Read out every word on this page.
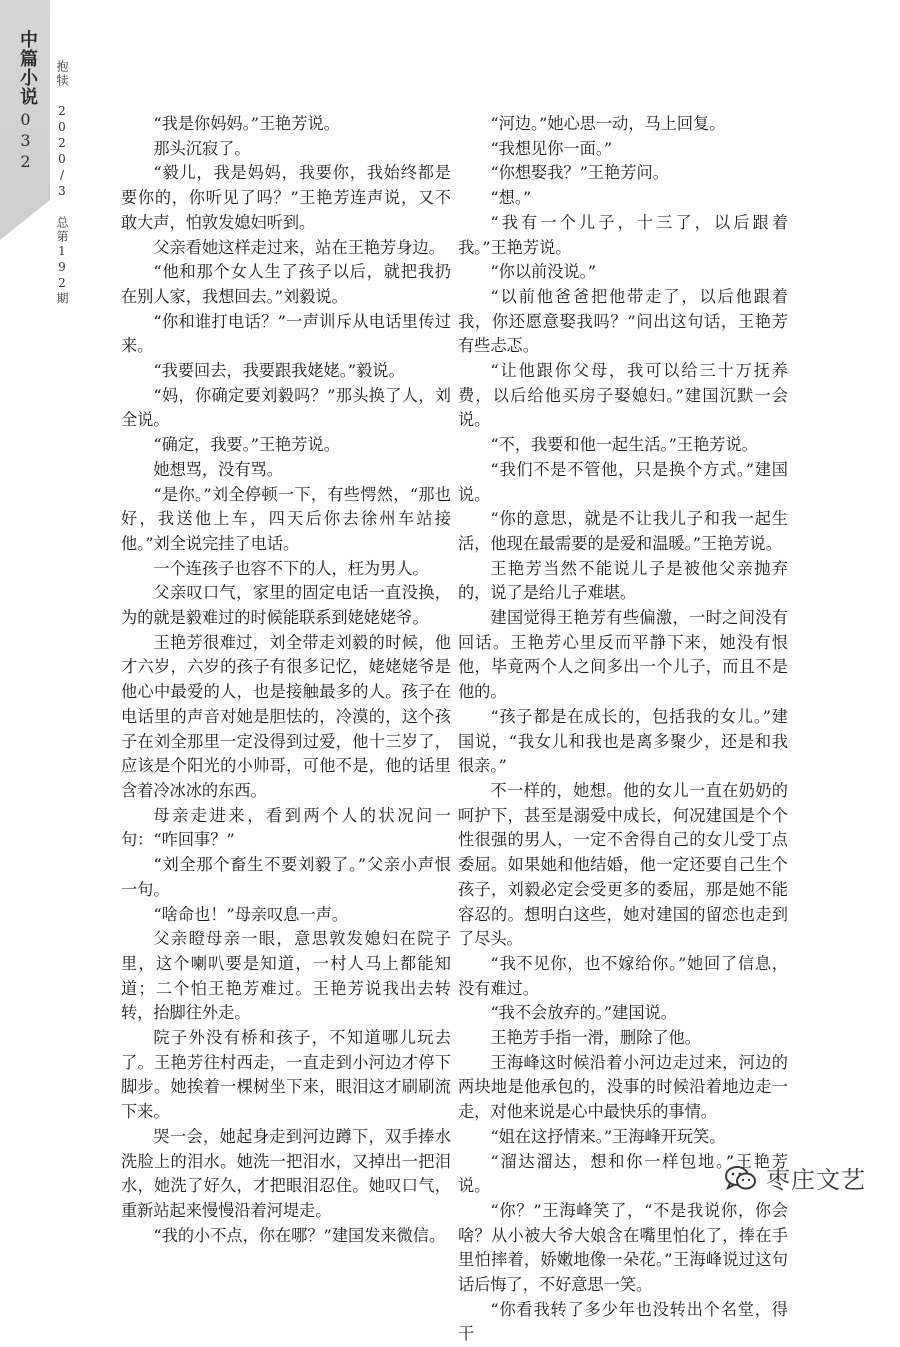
中篇小说
032 抱犊 2020/3 总第192期	“我是你妈妈。”王艳芳说。

那头沉寂了。

“毅儿，我是妈妈，我要你，我始终都是要你的，你听见了吗？”王艳芳连声说，又不敢大声，怕敦发媳妇听到。

父亲看她这样走过来，站在王艳芳身边。

“他和那个女人生了孩子以后，就把我扔在别人家，我想回去。”刘毅说。

“你和谁打电话？”一声训斥从电话里传过来。

“我要回去，我要跟我姥姥。”毅说。

“妈，你确定要刘毅吗？”那头换了人，刘全说。

“确定，我要。”王艳芳说。

她想骂，没有骂。

“是你。”刘全停顿一下，有些愕然，“那也好，我送他上车，四天后你去徐州车站接他。”刘全说完挂了电话。

一个连孩子也容不下的人，枉为男人。

父亲叹口气，家里的固定电话一直没换，为的就是毅难过的时候能联系到姥姥姥爷。

王艳芳很难过，刘全带走刘毅的时候，他才六岁，六岁的孩子有很多记忆，姥姥姥爷是他心中最爱的人，也是接触最多的人。孩子在电话里的声音对她是胆怯的，冷漠的，这个孩子在刘全那里一定没得到过爱，他十三岁了，应该是个阳光的小帅哥，可他不是，他的话里含着冷冰冰的东西。

母亲走进来，看到两个人的状况问一句：“咋回事？”

“刘全那个畜生不要刘毅了。”父亲小声恨一句。

“啥命也！”母亲叹息一声。

父亲瞪母亲一眼，意思敦发媳妇在院子里，这个喇叭要是知道，一村人马上都能知道；二个怕王艳芳难过。王艳芳说我出去转转，抬脚往外走。

院子外没有桥和孩子，不知道哪儿玩去了。王艳芳往村西走，一直走到小河边才停下脚步。她挨着一棵树坐下来，眼泪这才刷刷流下来。

哭一会，她起身走到河边蹲下，双手捧水洗脸上的泪水。她洗一把泪水，又掉出一把泪水，她洗了好久，才把眼泪忍住。她叹口气，重新站起来慢慢沿着河堤走。

“我的小不点，你在哪？”建国发来微信。

“河边。”她心思一动，马上回复。

“我想见你一面。”

“你想娶我？”王艳芳问。

“想。”

“我有一个儿子，十三了，以后跟着我。”王艳芳说。

“你以前没说。”

“以前他爸爸把他带走了，以后他跟着我，你还愿意娶我吗？”问出这句话，王艳芳有些忐忑。

“让他跟你父母，我可以给三十万抚养费，以后给他买房子娶媳妇。”建国沉默一会说。

“不，我要和他一起生活。”王艳芳说。

“我们不是不管他，只是换个方式。”建国说。

“你的意思，就是不让我儿子和我一起生活，他现在最需要的是爱和温暖。”王艳芳说。

王艳芳当然不能说儿子是被他父亲抛弃的，说了是给儿子难堪。

建国觉得王艳芳有些偏激，一时之间没有回话。王艳芳心里反而平静下来，她没有恨他，毕竟两个人之间多出一个儿子，而且不是他的。

“孩子都是在成长的，包括我的女儿。”建国说，“我女儿和我也是离多聚少，还是和我很亲。”

不一样的，她想。他的女儿一直在奶奶的呵护下，甚至是溺爱中成长，何况建国是个个性很强的男人，一定不舍得自己的女儿受丁点委屈。如果她和他结婚，他一定还要自己生个孩子，刘毅必定会受更多的委屈，那是她不能容忍的。想明白这些，她对建国的留恋也走到了尽头。

“我不见你，也不嫁给你。”她回了信息，没有难过。

“我不会放弃的。”建国说。

王艳芳手指一滑，删除了他。

王海峰这时候沿着小河边走过来，河边的两块地是他承包的，没事的时候沿着地边走一走，对他来说是心中最快乐的事情。

“姐在这抒情来。”王海峰开玩笑。

“溜达溜达，想和你一样包地。”王艳芳说。

“你？”王海峰笑了，“不是我说你，你会啥？从小被大爷大娘含在嘴里怕化了，捧在手里怕摔着，娇嫩地像一朵花。”王海峰说过这句话后悔了，不好意思一笑。

“你看我转了多少年也没转出个名堂，得干

枣庄文艺
